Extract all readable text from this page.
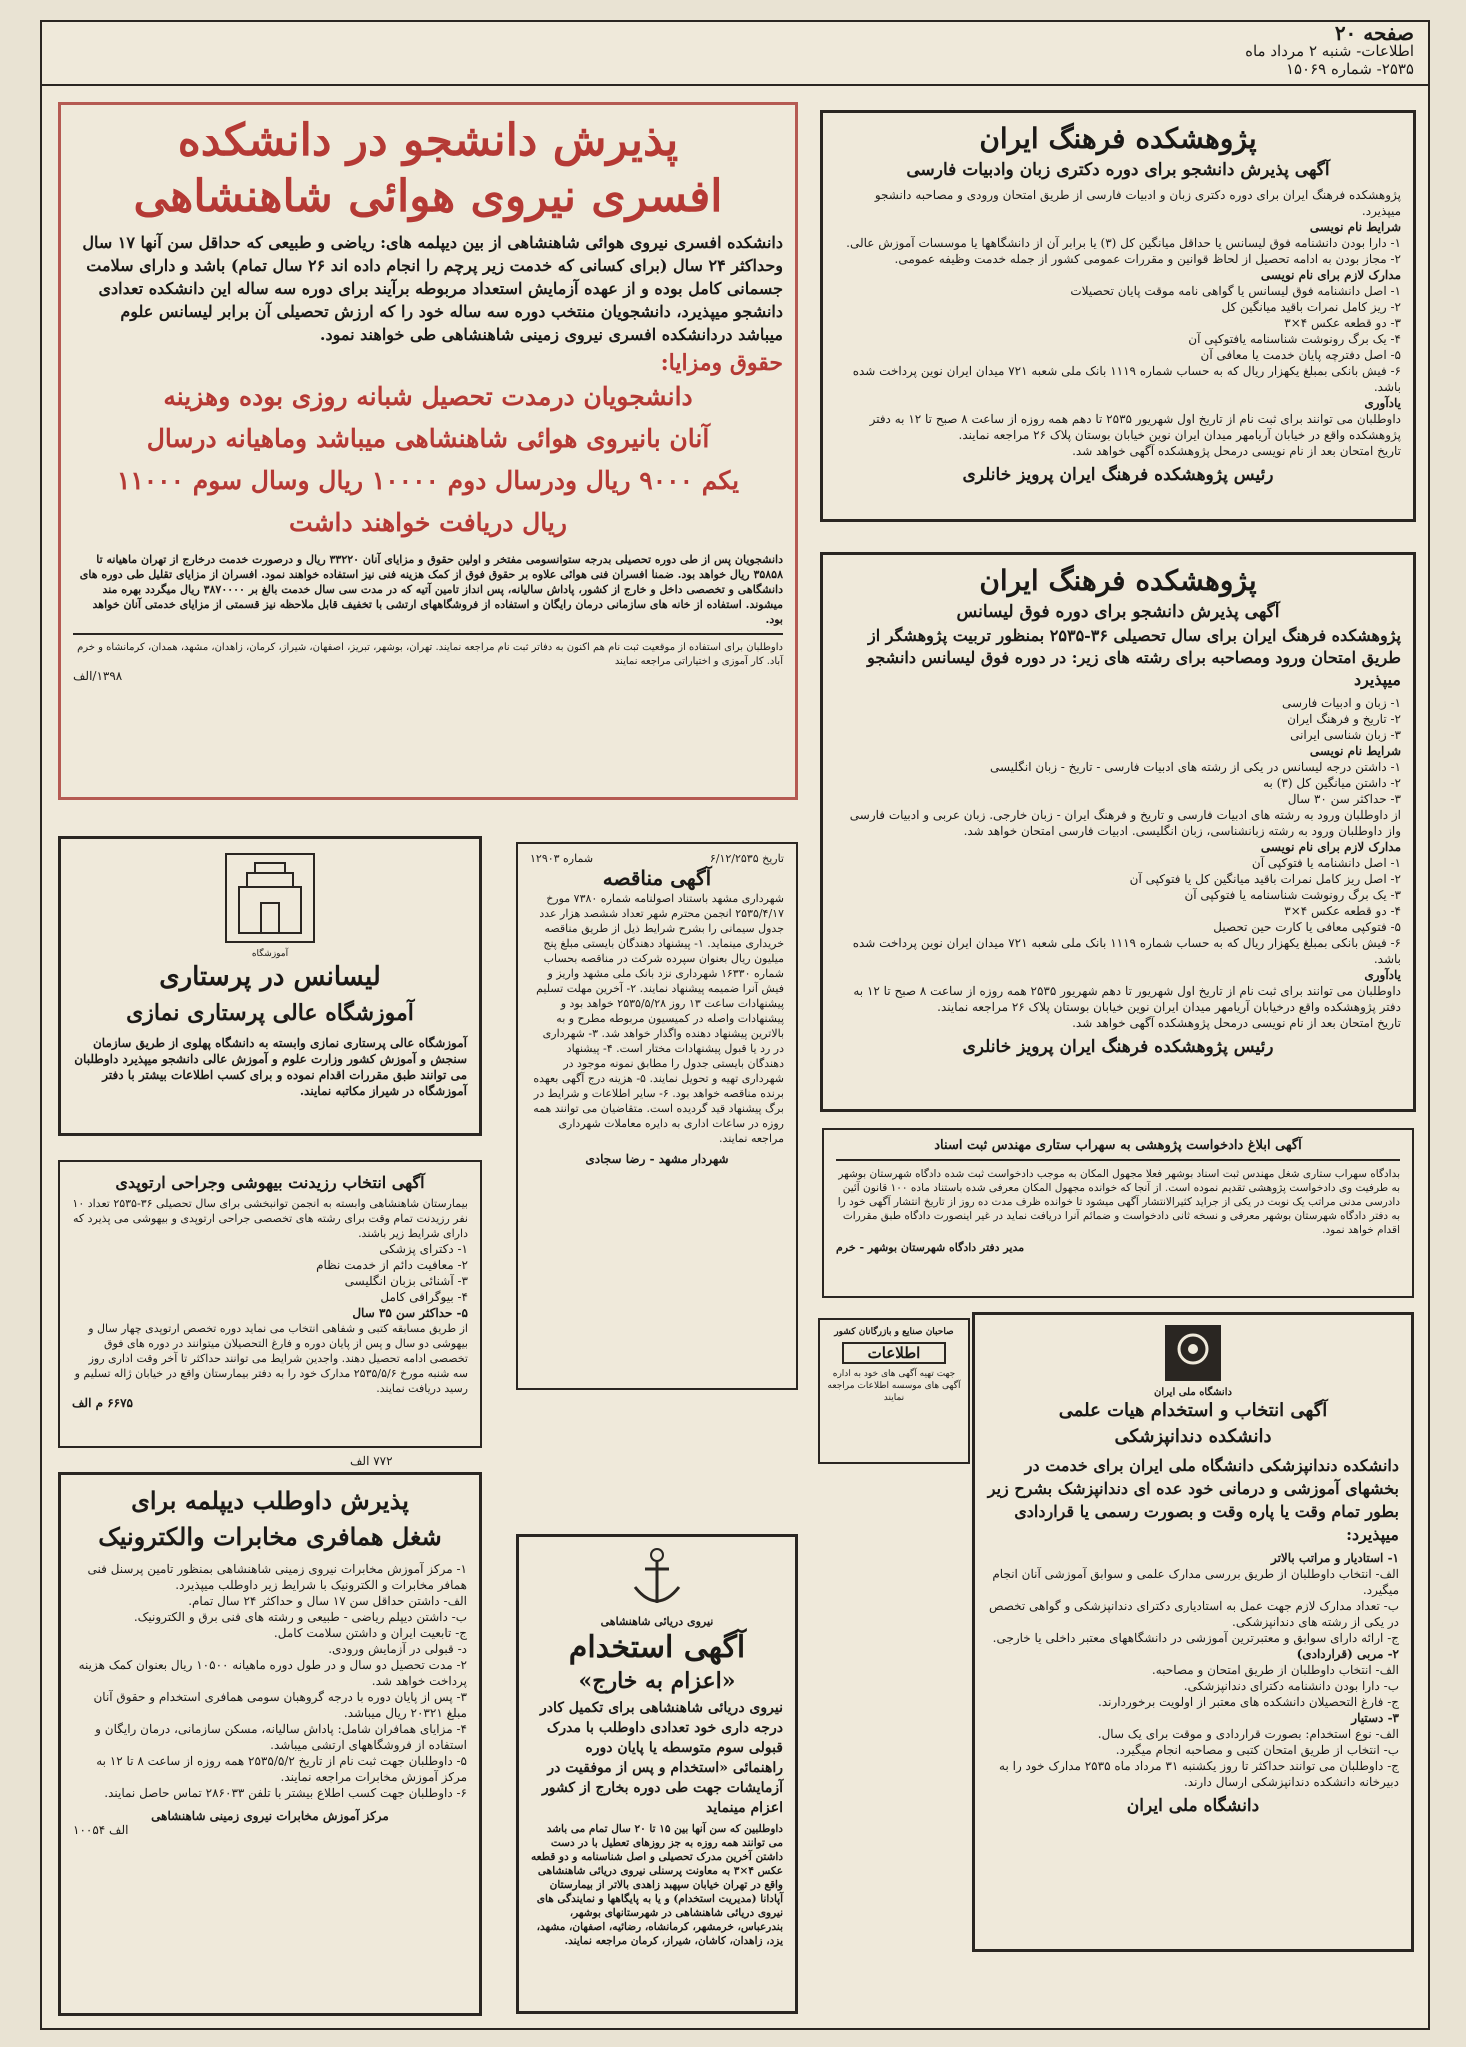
صفحه ۲۰
اطلاعات- شنبه ۲ مرداد ماه
۲۵۳۵- شماره ۱۵۰۶۹
پذیرش دانشجو در دانشکده
افسری نیروی هوائی شاهنشاهی
دانشکده افسری نیروی هوائی شاهنشاهی از بین دیپلمه های: ریاضی و طبیعی که حداقل سن آنها ۱۷ سال وحداکثر ۲۴ سال (برای کسانی که خدمت زیر پرچم را انجام داده اند ۲۶ سال تمام) باشد و دارای سلامت جسمانی کامل بوده و از عهده آزمایش استعداد مربوطه برآیند برای دوره سه ساله این دانشکده تعدادی دانشجو میپذیرد، دانشجویان منتخب دوره سه ساله خود را که ارزش تحصیلی آن برابر لیسانس علوم میباشد دردانشکده افسری نیروی زمینی شاهنشاهی طی خواهند نمود.
حقوق ومزایا:
دانشجویان درمدت تحصیل شبانه روزی بوده وهزینه
آنان بانیروی هوائی شاهنشاهی میباشد وماهیانه درسال
یکم ۹۰۰۰ ریال ودرسال دوم ۱۰۰۰۰ ریال وسال سوم ۱۱۰۰۰
ریال دریافت خواهند داشت
دانشجویان پس از طی دوره تحصیلی بدرجه ستوانسومی مفتخر و اولین حقوق و مزایای آنان ۳۳۲۲۰ ریال و درصورت خدمت درخارج از تهران ماهیانه تا ۳۵۸۵۸ ریال خواهد بود. ضمنا افسران فنی هوائی علاوه بر حقوق فوق از کمک هزینه فنی نیز استفاده خواهند نمود. افسران از مزایای تقلیل طی دوره های دانشگاهی و تخصصی داخل و خارج از کشور، پاداش سالیانه، پس انداز تامین آتیه که در مدت سی سال خدمت بالغ بر ۳۸۷۰۰۰۰ ریال میگردد بهره مند میشوند. استفاده از خانه های سازمانی درمان رایگان و استفاده از فروشگاههای ارتشی با تخفیف قابل ملاحظه نیز قسمتی از مزایای خدمتی آنان خواهد بود.
داوطلبان برای استفاده از موقعیت ثبت نام هم اکنون به دفاتر ثبت نام مراجعه نمایند. تهران، بوشهر، تبریز، اصفهان، شیراز، کرمان، زاهدان، مشهد، همدان، کرمانشاه و خرم آباد. کار آموزی و اختیاراتی مراجعه نمایند
۱۳۹۸/الف
پژوهشکده فرهنگ ایران
آگهی پذیرش دانشجو برای دوره دکتری زبان وادبیات فارسی
پژوهشکده فرهنگ ایران برای دوره دکتری زبان و ادبیات فارسی از طریق امتحان ورودی و مصاحبه دانشجو میپذیرد.
شرایط نام نویسی
۱- دارا بودن دانشنامه فوق لیسانس یا حداقل میانگین کل (۳) یا برابر آن از دانشگاهها یا موسسات آموزش عالی.
۲- مجاز بودن به ادامه تحصیل از لحاظ قوانین و مقررات عمومی کشور از جمله خدمت وظیفه عمومی.
مدارک لازم برای نام نویسی
۱- اصل دانشنامه فوق لیسانس یا گواهی نامه موقت پایان تحصیلات
۲- ریز کامل نمرات باقید میانگین کل
۳- دو قطعه عکس ۴×۳
۴- یک برگ رونوشت شناسنامه یافتوکپی آن
۵- اصل دفترچه پایان خدمت یا معافی آن
۶- فیش بانکی بمبلغ یکهزار ریال که به حساب شماره ۱۱۱۹ بانک ملی شعبه ۷۲۱ میدان ایران نوین پرداخت شده باشد.
یادآوری
داوطلبان می توانند برای ثبت نام از تاریخ اول شهریور ۲۵۳۵ تا دهم همه روزه از ساعت ۸ صبح تا ۱۲ به دفتر پژوهشکده واقع در خیابان آریامهر میدان ایران نوین خیابان بوستان پلاک ۲۶ مراجعه نمایند.
تاریخ امتحان بعد از نام نویسی درمحل پژوهشکده آگهی خواهد شد.
رئیس پژوهشکده فرهنگ ایران پرویز خانلری
پژوهشکده فرهنگ ایران
آگهی پذیرش دانشجو برای دوره فوق لیسانس
پژوهشکده فرهنگ ایران برای سال تحصیلی ۳۶-۲۵۳۵ بمنظور تربیت پژوهشگر از طریق امتحان ورود ومصاحبه برای رشته های زیر: در دوره فوق لیسانس دانشجو میپذیرد
۱- زبان و ادبیات فارسی
۲- تاریخ و فرهنگ ایران
۳- زبان شناسی ایرانی
شرایط نام نویسی
۱- داشتن درجه لیسانس در یکی از رشته های ادبیات فارسی - تاریخ - زبان انگلیسی
۲- داشتن میانگین کل (۳) به
۳- حداکثر سن ۳۰ سال
از داوطلبان ورود به رشته های ادبیات فارسی و تاریخ و فرهنگ ایران - زبان خارجی. زبان عربی و ادبیات فارسی واز داوطلبان ورود به رشته زبانشناسی، زبان انگلیسی. ادبیات فارسی امتحان خواهد شد.
مدارک لازم برای نام نویسی
۱- اصل دانشنامه یا فتوکپی آن
۲- اصل ریز کامل نمرات باقید میانگین کل یا فتوکپی آن
۳- یک برگ رونوشت شناسنامه یا فتوکپی آن
۴- دو قطعه عکس ۴×۳
۵- فتوکپی معافی یا کارت حین تحصیل
۶- فیش بانکی بمبلغ یکهزار ریال که به حساب شماره ۱۱۱۹ بانک ملی شعبه ۷۲۱ میدان ایران نوین پرداخت شده باشد.
یادآوری
داوطلبان می توانند برای ثبت نام از تاریخ اول شهریور تا دهم شهریور ۲۵۳۵ همه روزه از ساعت ۸ صبح تا ۱۲ به دفتر پژوهشکده واقع درخیابان آریامهر میدان ایران نوین خیابان بوستان پلاک ۲۶ مراجعه نمایند.
تاریخ امتحان بعد از نام نویسی درمحل پژوهشکده آگهی خواهد شد.
رئیس پژوهشکده فرهنگ ایران پرویز خانلری
آموزشگاه
لیسانس در پرستاری
آموزشگاه عالی پرستاری نمازی
آموزشگاه عالی پرستاری نمازی وابسته به دانشگاه پهلوی از طریق سازمان سنجش و آموزش کشور وزارت علوم و آموزش عالی دانشجو میپذیرد داوطلبان می توانند طبق مقررات اقدام نموده و برای کسب اطلاعات بیشتر با دفتر آموزشگاه در شیراز مکاتبه نمایند.
تاریخ ۶/۱۲/۲۵۳۵
شماره ۱۲۹۰۳
آگهی مناقصه
شهرداری مشهد باستناد اصولنامه شماره ۷۳۸۰ مورخ ۲۵۳۵/۴/۱۷ انجمن محترم شهر تعداد ششصد هزار عدد جدول سیمانی را بشرح شرایط ذیل از طریق مناقصه خریداری مینماید. ۱- پیشنهاد دهندگان بایستی مبلغ پنج میلیون ریال بعنوان سپرده شرکت در مناقصه بحساب شماره ۱۶۳۳۰ شهرداری نزد بانک ملی مشهد واریز و فیش آنرا ضمیمه پیشنهاد نمایند. ۲- آخرین مهلت تسلیم پیشنهادات ساعت ۱۳ روز ۲۵۳۵/۵/۲۸ خواهد بود و پیشنهادات واصله در کمیسیون مربوطه مطرح و به بالاترین پیشنهاد دهنده واگذار خواهد شد. ۳- شهرداری در رد یا قبول پیشنهادات مختار است. ۴- پیشنهاد دهندگان بایستی جدول را مطابق نمونه موجود در شهرداری تهیه و تحویل نمایند. ۵- هزینه درج آگهی بعهده برنده مناقصه خواهد بود. ۶- سایر اطلاعات و شرایط در برگ پیشنهاد قید گردیده است. متقاضیان می توانند همه روزه در ساعات اداری به دایره معاملات شهرداری مراجعه نمایند.
شهردار مشهد - رضا سجادی
آگهی ابلاغ دادخواست پژوهشی به سهراب ستاری مهندس ثبت اسناد
بدادگاه سهراب ستاری شغل مهندس ثبت اسناد بوشهر فعلا مجهول المکان به موجب دادخواست ثبت شده دادگاه شهرستان بوشهر به طرفیت وی دادخواست پژوهشی تقدیم نموده است. از آنجا که خوانده مجهول المکان معرفی شده باستناد ماده ۱۰۰ قانون آئین دادرسی مدنی مراتب یک نوبت در یکی از جراید کثیرالانتشار آگهی میشود تا خوانده ظرف مدت ده روز از تاریخ انتشار آگهی خود را به دفتر دادگاه شهرستان بوشهر معرفی و نسخه ثانی دادخواست و ضمائم آنرا دریافت نماید در غیر اینصورت دادگاه طبق مقررات اقدام خواهد نمود.
مدیر دفتر دادگاه شهرستان بوشهر - خرم
آگهی انتخاب رزیدنت بیهوشی وجراحی ارتوپدی
بیمارستان شاهنشاهی وابسته به انجمن توانبخشی برای سال تحصیلی ۳۶-۲۵۳۵ تعداد ۱۰ نفر رزیدنت تمام وقت برای رشته های تخصصی جراحی ارتوپدی و بیهوشی می پذیرد که دارای شرایط زیر باشند.
۱- دکترای پزشکی
۲- معافیت دائم از خدمت نظام
۳- آشنائی بزبان انگلیسی
۴- بیوگرافی کامل
۵- حداکثر سن ۳۵ سال
از طریق مسابقه کتبی و شفاهی انتخاب می نماید دوره تخصص ارتوپدی چهار سال و بیهوشی دو سال و پس از پایان دوره و فارغ التحصیلان میتوانند در دوره های فوق تخصصی ادامه تحصیل دهند. واجدین شرایط می توانند حداکثر تا آخر وقت اداری روز سه شنبه مورخ ۲۵۳۵/۵/۶ مدارک خود را به دفتر بیمارستان واقع در خیابان ژاله تسلیم و رسید دریافت نمایند.
۶۶۷۵ م الف
۷۷۲ الف
صاحبان صنایع و بازرگانان کشور
اطلاعات
جهت تهیه آگهی های خود به اداره آگهی های موسسه اطلاعات مراجعه نمایند
پذیرش داوطلب دیپلمه برای
شغل همافری مخابرات والکترونیک
۱- مرکز آموزش مخابرات نیروی زمینی شاهنشاهی بمنظور تامین پرسنل فنی همافر مخابرات و الکترونیک با شرایط زیر داوطلب میپذیرد.
الف- داشتن حداقل سن ۱۷ سال و حداکثر ۲۴ سال تمام.
ب- داشتن دیپلم ریاضی - طبیعی و رشته های فنی برق و الکترونیک.
ج- تابعیت ایران و داشتن سلامت کامل.
د- قبولی در آزمایش ورودی.
۲- مدت تحصیل دو سال و در طول دوره ماهیانه ۱۰۵۰۰ ریال بعنوان کمک هزینه پرداخت خواهد شد.
۳- پس از پایان دوره با درجه گروهبان سومی همافری استخدام و حقوق آنان مبلغ ۲۰۳۲۱ ریال میباشد.
۴- مزایای همافران شامل: پاداش سالیانه، مسکن سازمانی، درمان رایگان و استفاده از فروشگاههای ارتشی میباشد.
۵- داوطلبان جهت ثبت نام از تاریخ ۲۵۳۵/۵/۲ همه روزه از ساعت ۸ تا ۱۲ به مرکز آموزش مخابرات مراجعه نمایند.
۶- داوطلبان جهت کسب اطلاع بیشتر با تلفن ۲۸۶۰۳۳ تماس حاصل نمایند.
مرکز آموزش مخابرات نیروی زمینی شاهنشاهی
الف ۱۰۰۵۴
نیروی دریائی شاهنشاهی
آگهی استخدام
«اعزام به خارج»
نیروی دریائی شاهنشاهی برای تکمیل کادر درجه داری خود تعدادی داوطلب با مدرک قبولی سوم متوسطه یا پایان دوره راهنمائی «استخدام و پس از موفقیت در آزمایشات جهت طی دوره بخارج از کشور اعزام مینماید
داوطلبین که سن آنها بین ۱۵ تا ۲۰ سال تمام می باشد می توانند همه روزه به جز روزهای تعطیل با در دست داشتن آخرین مدرک تحصیلی و اصل شناسنامه و دو قطعه عکس ۴×۳ به معاونت پرسنلی نیروی دریائی شاهنشاهی واقع در تهران خیابان سپهبد زاهدی بالاتر از بیمارستان آپادانا (مدیریت استخدام) و یا به پایگاهها و نمایندگی های نیروی دریائی شاهنشاهی در شهرستانهای بوشهر، بندرعباس، خرمشهر، کرمانشاه، رضائیه، اصفهان، مشهد، یزد، زاهدان، کاشان، شیراز، کرمان مراجعه نمایند.
دانشگاه ملی ایران
آگهی انتخاب و استخدام هیات علمی
دانشکده دندانپزشکی
دانشکده دندانپزشکی دانشگاه ملی ایران برای خدمت در بخشهای آموزشی و درمانی خود عده ای دندانپزشک بشرح زیر بطور تمام وقت یا پاره وقت و بصورت رسمی یا قراردادی میپذیرد:
۱- استادیار و مراتب بالاتر
الف- انتخاب داوطلبان از طریق بررسی مدارک علمی و سوابق آموزشی آنان انجام میگیرد.
ب- تعداد مدارک لازم جهت عمل به استادیاری دکترای دندانپزشکی و گواهی تخصص در یکی از رشته های دندانپزشکی.
ج- ارائه دارای سوابق و معتبرترین آموزشی در دانشگاههای معتبر داخلی یا خارجی.
۲- مربی (قراردادی)
الف- انتخاب داوطلبان از طریق امتحان و مصاحبه.
ب- دارا بودن دانشنامه دکترای دندانپزشکی.
ج- فارغ التحصیلان دانشکده های معتبر از اولویت برخوردارند.
۳- دستیار
الف- نوع استخدام: بصورت قراردادی و موقت برای یک سال.
ب- انتخاب از طریق امتحان کتبی و مصاحبه انجام میگیرد.
ج- داوطلبان می توانند حداکثر تا روز یکشنبه ۳۱ مرداد ماه ۲۵۳۵ مدارک خود را به دبیرخانه دانشکده دندانپزشکی ارسال دارند.
دانشگاه ملی ایران
